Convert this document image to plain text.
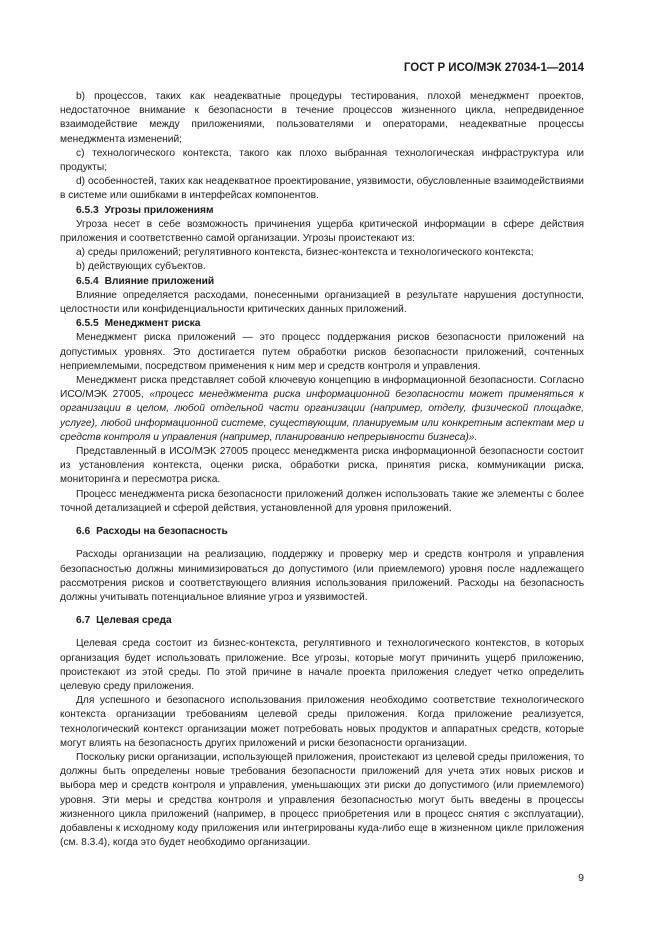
ГОСТ Р ИСО/МЭК 27034-1—2014

b) процессов, таких как неадекватные процедуры тестирования, плохой менеджмент проектов, недостаточное внимание к безопасности в течение процессов жизненного цикла, непредвиденное взаимодействие между приложениями, пользователями и операторами, неадекватные процессы менеджмента изменений;

c) технологического контекста, такого как плохо выбранная технологическая инфраструктура или продукты;

d) особенностей, таких как неадекватное проектирование, уязвимости, обусловленные взаимодействиями в системе или ошибками в интерфейсах компонентов.

6.5.3 Угрозы приложениям

Угроза несет в себе возможность причинения ущерба критической информации в сфере действия приложения и соответственно самой организации. Угрозы проистекают из:

a) среды приложений; регулятивного контекста, бизнес-контекста и технологического контекста;

b) действующих субъектов.

6.5.4 Влияние приложений

Влияние определяется расходами, понесенными организацией в результате нарушения доступности, целостности или конфиденциальности критических данных приложений.

6.5.5 Менеджмент риска

Менеджмент риска приложений — это процесс поддержания рисков безопасности приложений на допустимых уровнях. Это достигается путем обработки рисков безопасности приложений, сочтенных неприемлемыми, посредством применения к ним мер и средств контроля и управления.

Менеджмент риска представляет собой ключевую концепцию в информационной безопасности. Согласно ИСО/МЭК 27005, «процесс менеджмента риска информационной безопасности может применяться к организации в целом, любой отдельной части организации (например, отделу, физической площадке, услуге), любой информационной системе, существующим, планируемым или конкретным аспектам мер и средств контроля и управления (например, планированию непрерывности бизнеса)».

Представленный в ИСО/МЭК 27005 процесс менеджмента риска информационной безопасности состоит из установления контекста, оценки риска, обработки риска, принятия риска, коммуникации риска, мониторинга и пересмотра риска.

Процесс менеджмента риска безопасности приложений должен использовать такие же элементы с более точной детализацией и сферой действия, установленной для уровня приложений.

6.6 Расходы на безопасность

Расходы организации на реализацию, поддержку и проверку мер и средств контроля и управления безопасностью должны минимизироваться до допустимого (или приемлемого) уровня после надлежащего рассмотрения рисков и соответствующего влияния использования приложений. Расходы на безопасность должны учитывать потенциальное влияние угроз и уязвимостей.

6.7 Целевая среда

Целевая среда состоит из бизнес-контекста, регулятивного и технологического контекстов, в которых организация будет использовать приложение. Все угрозы, которые могут причинить ущерб приложению, проистекают из этой среды. По этой причине в начале проекта приложения следует четко определить целевую среду приложения.

Для успешного и безопасного использования приложения необходимо соответствие технологического контекста организации требованиям целевой среды приложения. Когда приложение реализуется, технологический контекст организации может потребовать новых продуктов и аппаратных средств, которые могут влиять на безопасность других приложений и риски безопасности организации.

Поскольку риски организации, использующей приложения, проистекают из целевой среды приложения, то должны быть определены новые требования безопасности приложений для учета этих новых рисков и выбора мер и средств контроля и управления, уменьшающих эти риски до допустимого (или приемлемого) уровня. Эти меры и средства контроля и управления безопасностью могут быть введены в процессы жизненного цикла приложений (например, в процесс приобретения или в процесс снятия с эксплуатации), добавлены к исходному коду приложения или интегрированы куда-либо еще в жизненном цикле приложения (см. 8.3.4), когда это будет необходимо организации.

9
